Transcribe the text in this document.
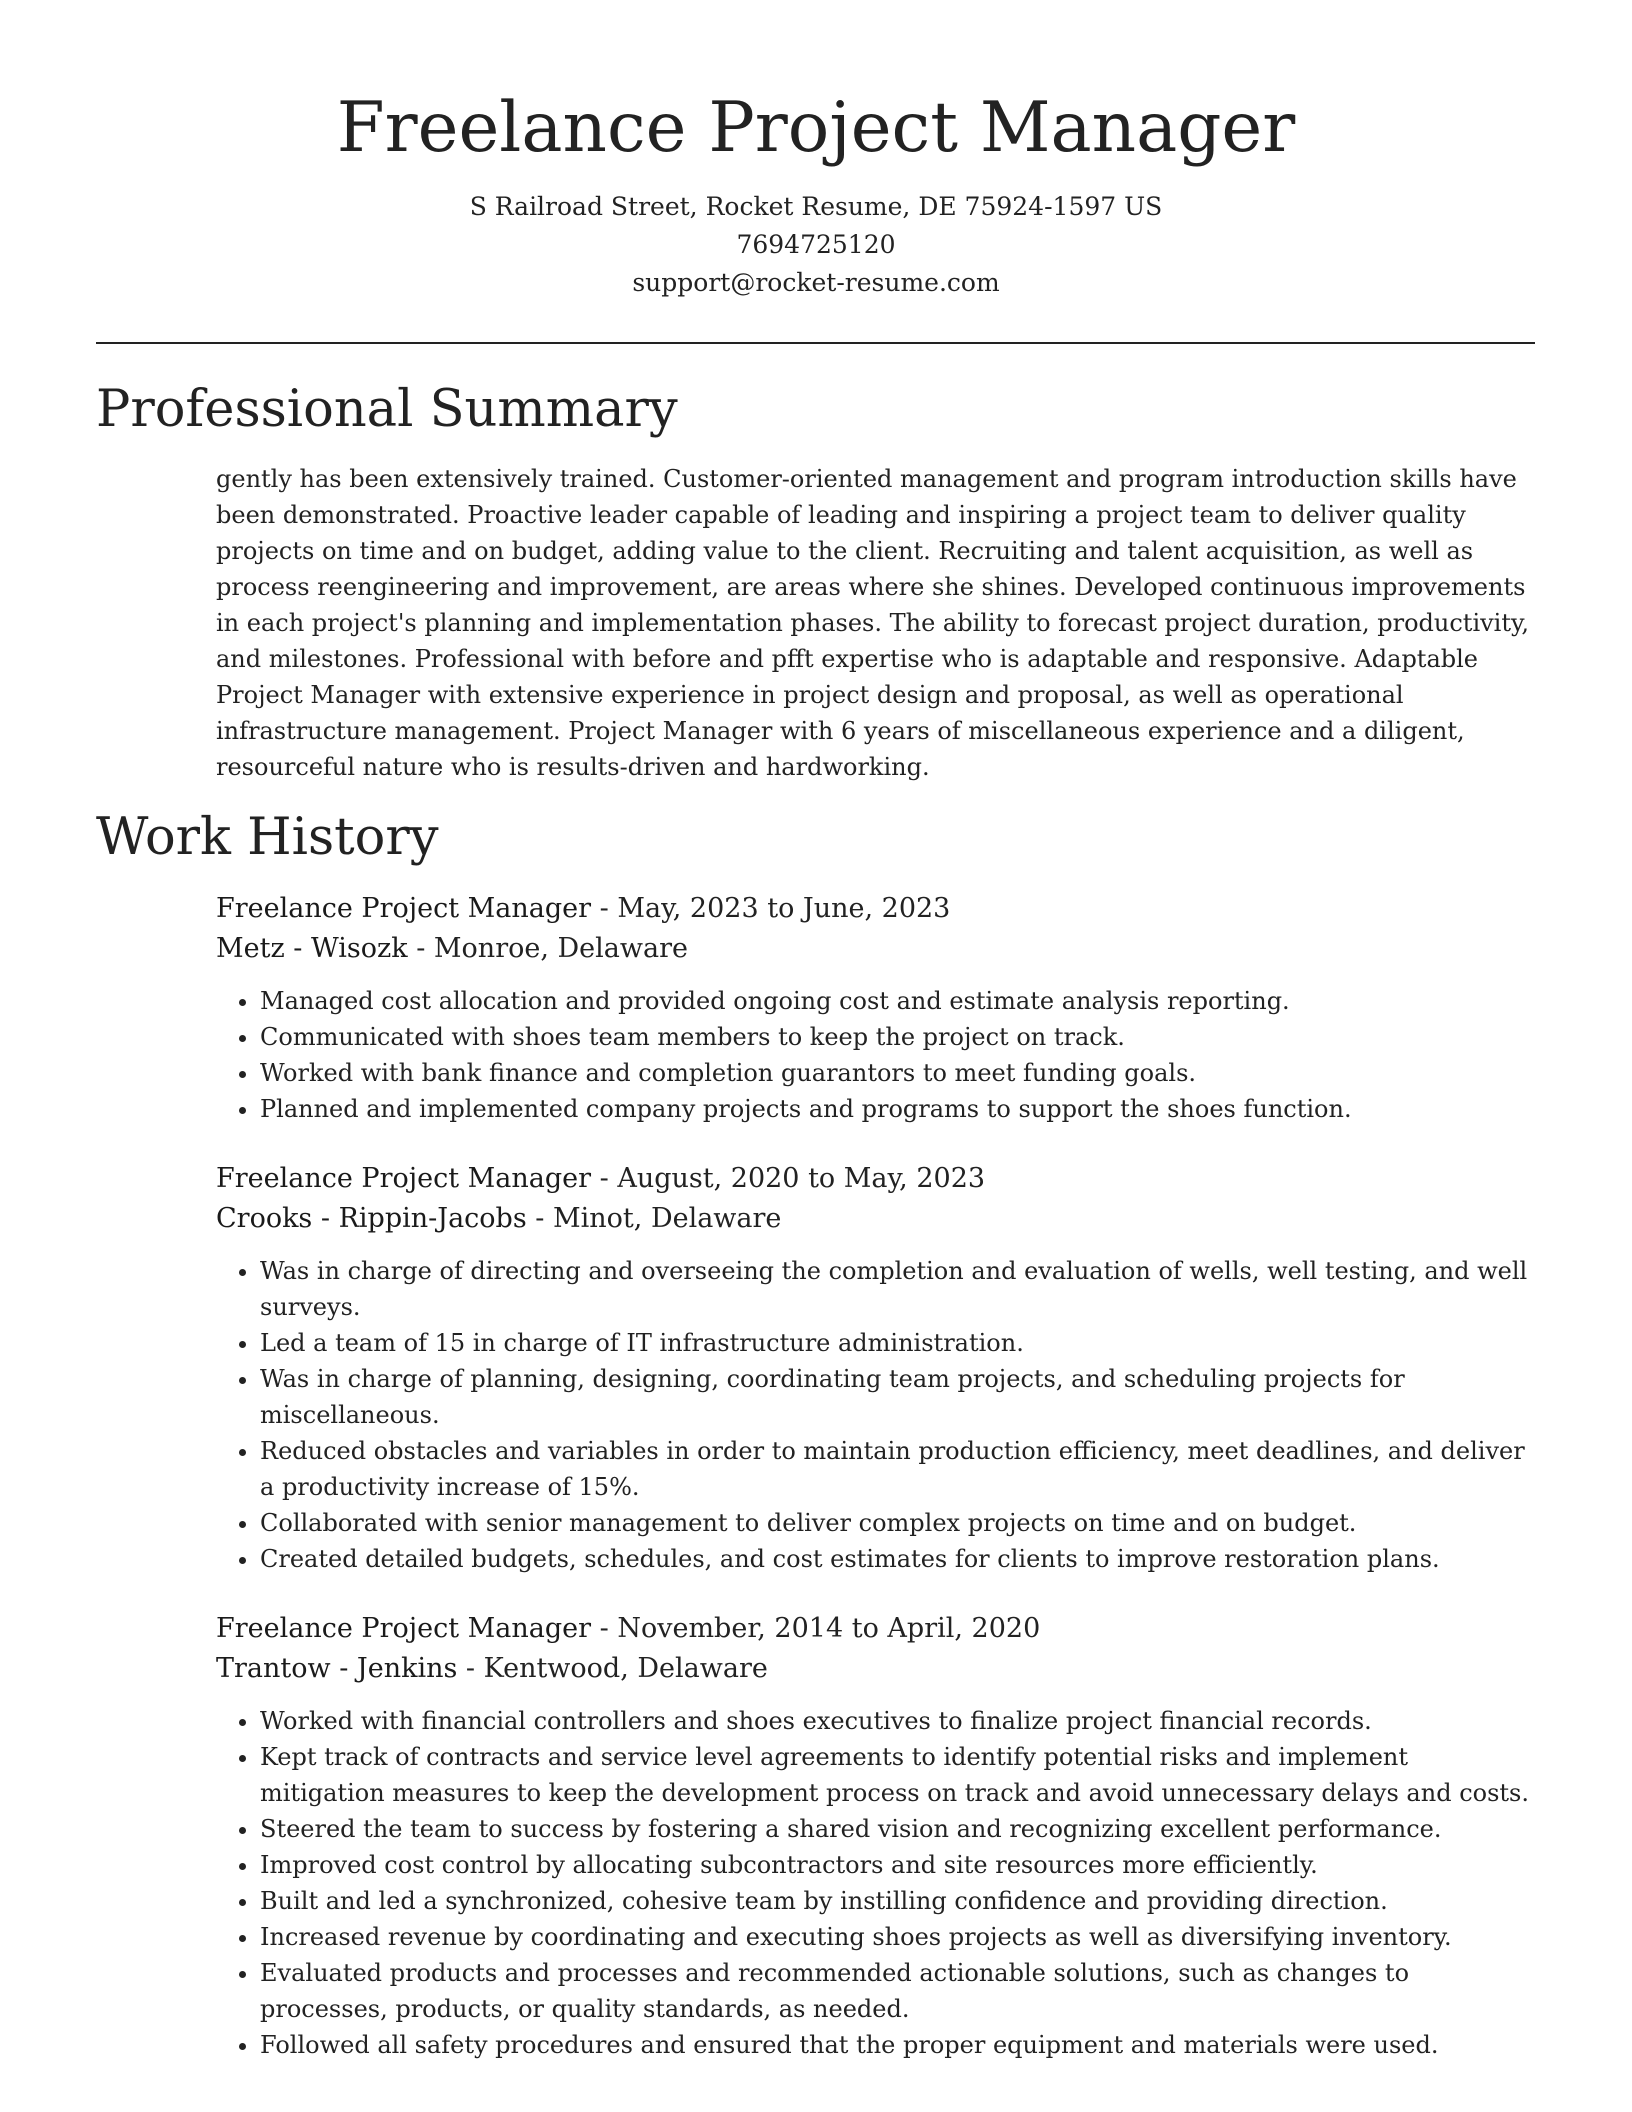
Freelance Project Manager
S Railroad Street, Rocket Resume, DE 75924-1597 US
7694725120
support@rocket-resume.com
Professional Summary

gently has been extensively trained. Customer-oriented management and program introduction skills have been demonstrated. Proactive leader capable of leading and inspiring a project team to deliver quality projects on time and on budget, adding value to the client. Recruiting and talent acquisition, as well as process reengineering and improvement, are areas where she shines. Developed continuous improvements in each project's planning and implementation phases. The ability to forecast project duration, productivity, and milestones. Professional with before and pfft expertise who is adaptable and responsive. Adaptable Project Manager with extensive experience in project design and proposal, as well as operational infrastructure management. Project Manager with 6 years of miscellaneous experience and a diligent, resourceful nature who is results-driven and hardworking.

Work History
Freelance Project Manager - May, 2023 to June, 2023
Metz - Wisozk - Monroe, Delaware
• Managed cost allocation and provided ongoing cost and estimate analysis reporting.
• Communicated with shoes team members to keep the project on track.
• Worked with bank finance and completion guarantors to meet funding goals.
• Planned and implemented company projects and programs to support the shoes function.
Freelance Project Manager - August, 2020 to May, 2023
Crooks - Rippin-Jacobs - Minot, Delaware
• Was in charge of directing and overseeing the completion and evaluation of wells, well testing, and well surveys.
• Led a team of 15 in charge of IT infrastructure administration.
• Was in charge of planning, designing, coordinating team projects, and scheduling projects for miscellaneous.
• Reduced obstacles and variables in order to maintain production efficiency, meet deadlines, and deliver a productivity increase of 15%.
• Collaborated with senior management to deliver complex projects on time and on budget.
• Created detailed budgets, schedules, and cost estimates for clients to improve restoration plans.
Freelance Project Manager - November, 2014 to April, 2020
Trantow - Jenkins - Kentwood, Delaware
• Worked with financial controllers and shoes executives to finalize project financial records.
• Kept track of contracts and service level agreements to identify potential risks and implement mitigation measures to keep the development process on track and avoid unnecessary delays and costs.
• Steered the team to success by fostering a shared vision and recognizing excellent performance.
• Improved cost control by allocating subcontractors and site resources more efficiently.
• Built and led a synchronized, cohesive team by instilling confidence and providing direction.
• Increased revenue by coordinating and executing shoes projects as well as diversifying inventory.
• Evaluated products and processes and recommended actionable solutions, such as changes to processes, products, or quality standards, as needed.
• Followed all safety procedures and ensured that the proper equipment and materials were used.
